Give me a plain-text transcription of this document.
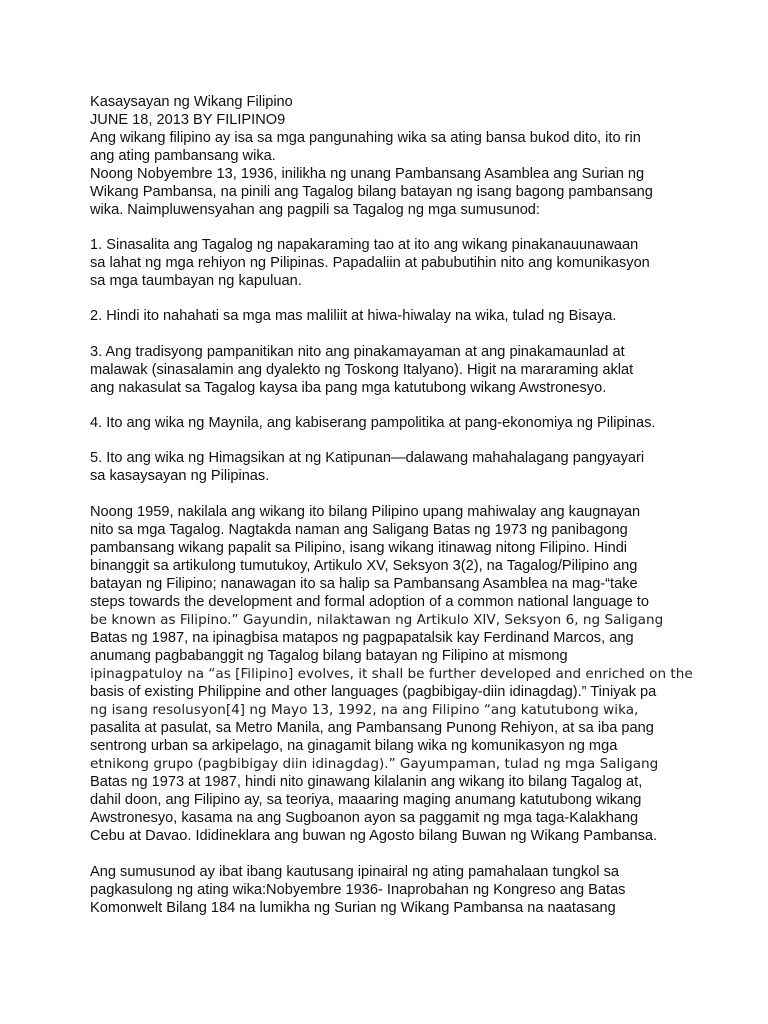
Kasaysayan ng Wikang Filipino
JUNE 18, 2013 BY FILIPINO9
Ang wikang filipino ay isa sa mga pangunahing wika sa ating bansa bukod dito, ito rin
ang ating pambansang wika.
Noong Nobyembre 13, 1936, inilikha ng unang Pambansang Asamblea ang Surian ng
Wikang Pambansa, na pinili ang Tagalog bilang batayan ng isang bagong pambansang
wika. Naimpluwensyahan ang pagpili sa Tagalog ng mga sumusunod:
1. Sinasalita ang Tagalog ng napakaraming tao at ito ang wikang pinakanauunawaan
sa lahat ng mga rehiyon ng Pilipinas. Papadaliin at pabubutihin nito ang komunikasyon
sa mga taumbayan ng kapuluan.
2. Hindi ito nahahati sa mga mas maliliit at hiwa-hiwalay na wika, tulad ng Bisaya.
3. Ang tradisyong pampanitikan nito ang pinakamayaman at ang pinakamaunlad at
malawak (sinasalamin ang dyalekto ng Toskong Italyano). Higit na mararaming aklat
ang nakasulat sa Tagalog kaysa iba pang mga katutubong wikang Awstronesyo.
4. Ito ang wika ng Maynila, ang kabiserang pampolitika at pang-ekonomiya ng Pilipinas.
5. Ito ang wika ng Himagsikan at ng Katipunan—dalawang mahahalagang pangyayari
sa kasaysayan ng Pilipinas.
Noong 1959, nakilala ang wikang ito bilang Pilipino upang mahiwalay ang kaugnayan
nito sa mga Tagalog. Nagtakda naman ang Saligang Batas ng 1973 ng panibagong
pambansang wikang papalit sa Pilipino, isang wikang itinawag nitong Filipino. Hindi
binanggit sa artikulong tumutukoy, Artikulo XV, Seksyon 3(2), na Tagalog/Pilipino ang
batayan ng Filipino; nanawagan ito sa halip sa Pambansang Asamblea na mag-“take
steps towards the development and formal adoption of a common national language to
be known as Filipino.” Gayundin, nilaktawan ng Artikulo XIV, Seksyon 6, ng Saligang
Batas ng 1987, na ipinagbisa matapos ng pagpapatalsik kay Ferdinand Marcos, ang
anumang pagbabanggit ng Tagalog bilang batayan ng Filipino at mismong
ipinagpatuloy na “as [Filipino] evolves, it shall be further developed and enriched on the
basis of existing Philippine and other languages (pagbibigay-diin idinagdag).” Tiniyak pa
ng isang resolusyon[4] ng Mayo 13, 1992, na ang Filipino “ang katutubong wika,
pasalita at pasulat, sa Metro Manila, ang Pambansang Punong Rehiyon, at sa iba pang
sentrong urban sa arkipelago, na ginagamit bilang wika ng komunikasyon ng mga
etnikong grupo (pagbibigay diin idinagdag).” Gayumpaman, tulad ng mga Saligang
Batas ng 1973 at 1987, hindi nito ginawang kilalanin ang wikang ito bilang Tagalog at,
dahil doon, ang Filipino ay, sa teoriya, maaaring maging anumang katutubong wikang
Awstronesyo, kasama na ang Sugboanon ayon sa paggamit ng mga taga-Kalakhang
Cebu at Davao. Ididineklara ang buwan ng Agosto bilang Buwan ng Wikang Pambansa.
Ang sumusunod ay ibat ibang kautusang ipinairal ng ating pamahalaan tungkol sa
pagkasulong ng ating wika:Nobyembre 1936- Inaprobahan ng Kongreso ang Batas
Komonwelt Bilang 184 na lumikha ng Surian ng Wikang Pambansa na naatasang
